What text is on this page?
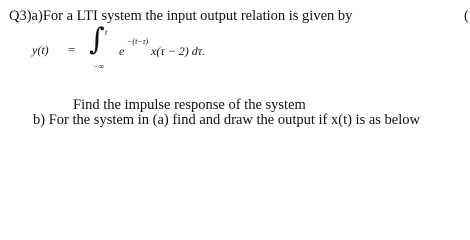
Q3)a)For a LTI system the input output relation is given by	(
y(t) = ∫ t
−∞
e
−(t−τ)
x(τ − 2) dτ.
Find the impulse response of the system
b) For the system in (a) find and draw the output if x(t) is as below
